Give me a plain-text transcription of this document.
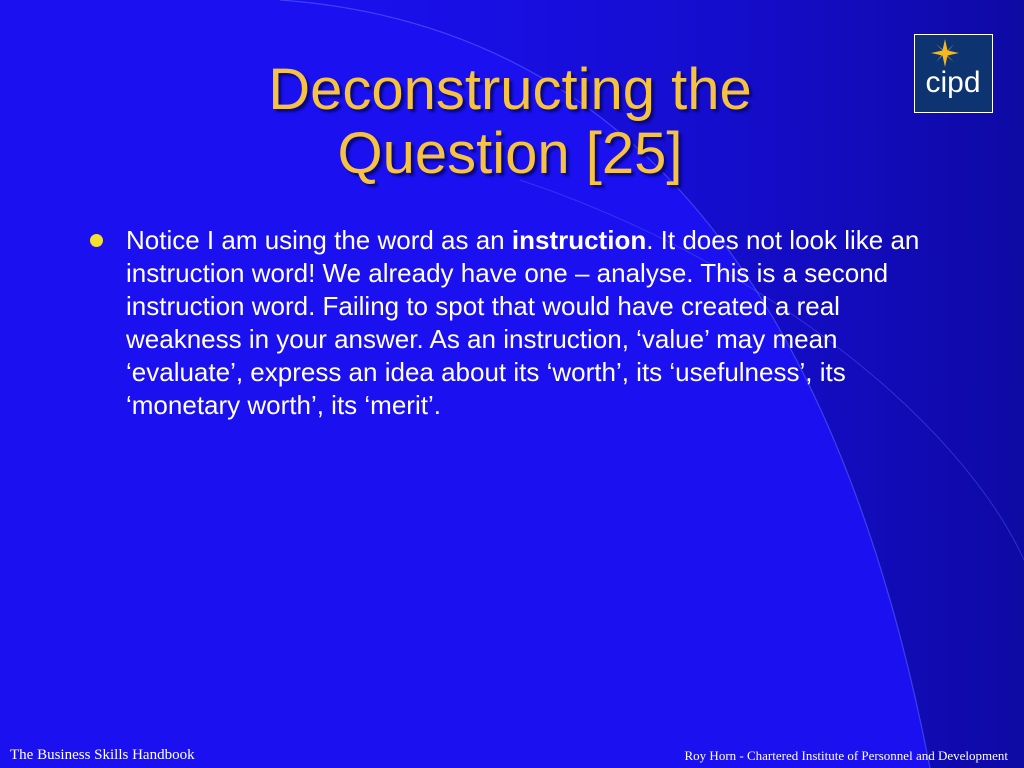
Deconstructing the
Question [25]
cipd
Notice I am using the word as an instruction. It does not look like an instruction word! We already have one – analyse. This is a second instruction word. Failing to spot that would have created a real weakness in your answer. As an instruction, ‘value’ may mean ‘evaluate’, express an idea about its ‘worth’, its ‘usefulness’, its ‘monetary worth’, its ‘merit’.
The Business Skills Handbook	Roy Horn - Chartered Institute of Personnel and Development
